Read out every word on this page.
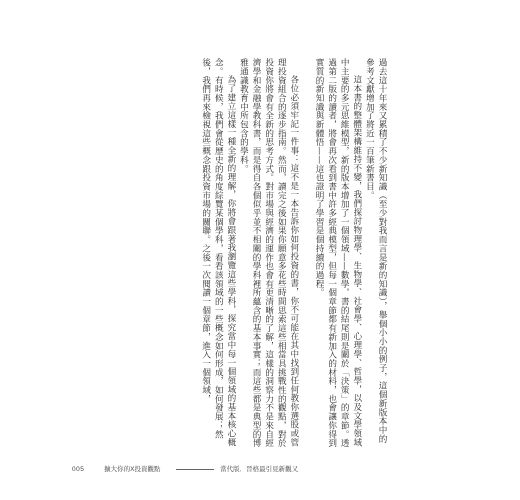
過去這十年來又累積了不少新知識（至少對我而言是新的知識），舉個小小的例子，這個新版本中的參考文獻增加了將近一百筆新書目。

這本書的整體架構維持不變，我們探討物理學、生物學、社會學、心理學、哲學，以及文學領域中主要的多元思維模型，新的版本增加了一個領域——數學，書的結尾則是關於「決策」的章節。透過第二版的讀者，將會再次看到書中許多經典模型，但每一個章節都有新加入的材料，也會讓你得到實質的新知識與新體悟——這也證明了學習是個持續的過程。

各位必須牢記一件事：這不是一本告訴你如何投資的書，你不可能在其中找到任何教你選股或管理投資組合的逐步指南。然而，讀完之後如果你願意多花些時間思索這些相當具挑戰性的觀點，對於投資你將會有全新的思考方式。對市場與經濟的運作也會有更清晰的了解，這樣的洞察力不是來自經濟學和金融學教科書，而是得自各個似乎並不相關的學科裡所蘊含的基本事實；而這些都是典型的博雅通識教育中所包含的學科。

為了建立這樣一種全新的理解，你將會跟著我瀏覽這些學科，探究當中每一個領域的基本核心概念。有時候，我們會從歷史的角度綜覽某個學科，看看該領域的一些概念如何形成，如何發展；然後，我們再來檢視這些概念跟投資市場的關聯。之後一次閱讀一個章節，進入一個領域，

005	擴大你的X投資觀點	當代版．晉格最引見新觀又
